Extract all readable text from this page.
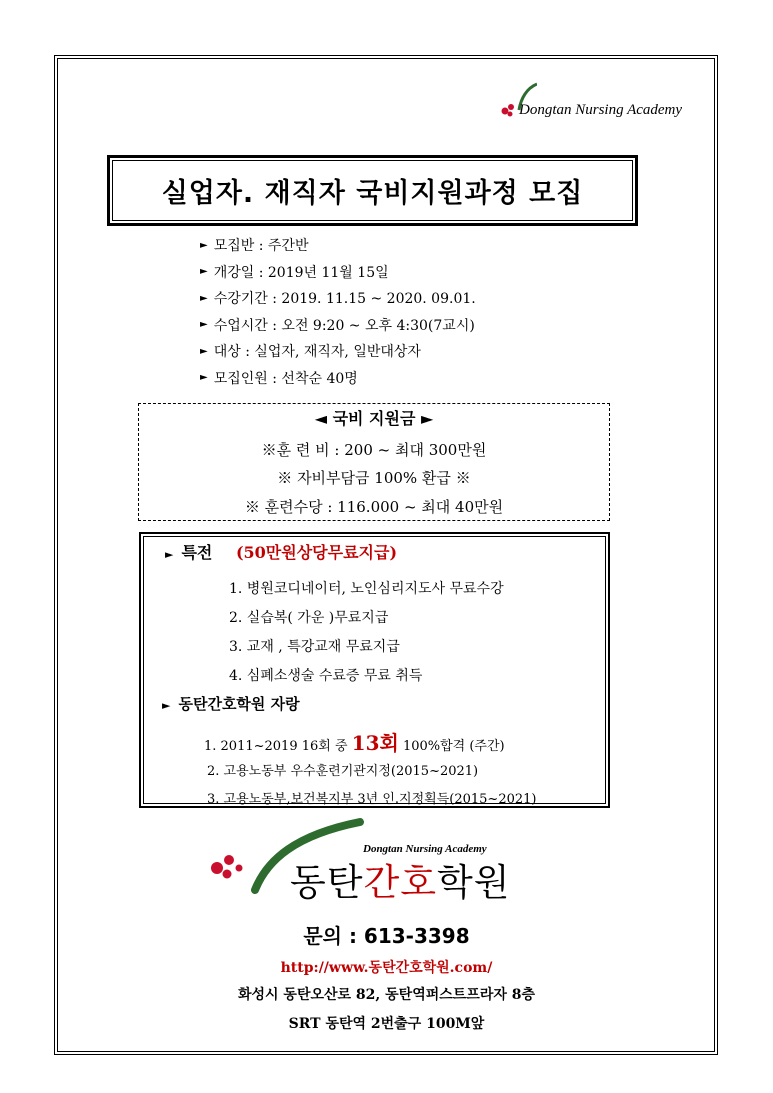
Dongtan Nursing Academy
실업자. 재직자 국비지원과정 모집
► 모집반 : 주간반
► 개강일 : 2019년 11월 15일
► 수강기간 : 2019. 11.15 ~ 2020. 09.01.
► 수업시간 : 오전 9:20 ~ 오후 4:30(7교시)
► 대상 : 실업자, 재직자, 일반대상자
► 모집인원 : 선착순 40명
◄ 국비 지원금 ►
※훈 련 비 : 200 ~ 최대 300만원
※ 자비부담금 100% 환급 ※
※ 훈련수당 : 116.000 ~ 최대 40만원
► 특전 (50만원상당무료지급)
1. 병원코디네이터, 노인심리지도사 무료수강
2. 실습복( 가운 )무료지급
3. 교재 , 특강교재 무료지급
4. 심폐소생술 수료증 무료 취득
► 동탄간호학원 자랑
1. 2011~2019 16회 중 13회 100%합격 (주간)
2. 고용노동부 우수훈련기관지정(2015~2021)
3. 고용노동부,보건복지부 3년 인.지정획득(2015~2021)
Dongtan Nursing Academy
동탄간호학원
문의 : 613-3398
http://www.동탄간호학원.com/
화성시 동탄오산로 82, 동탄역퍼스트프라자 8층
SRT 동탄역 2번출구 100M앞
